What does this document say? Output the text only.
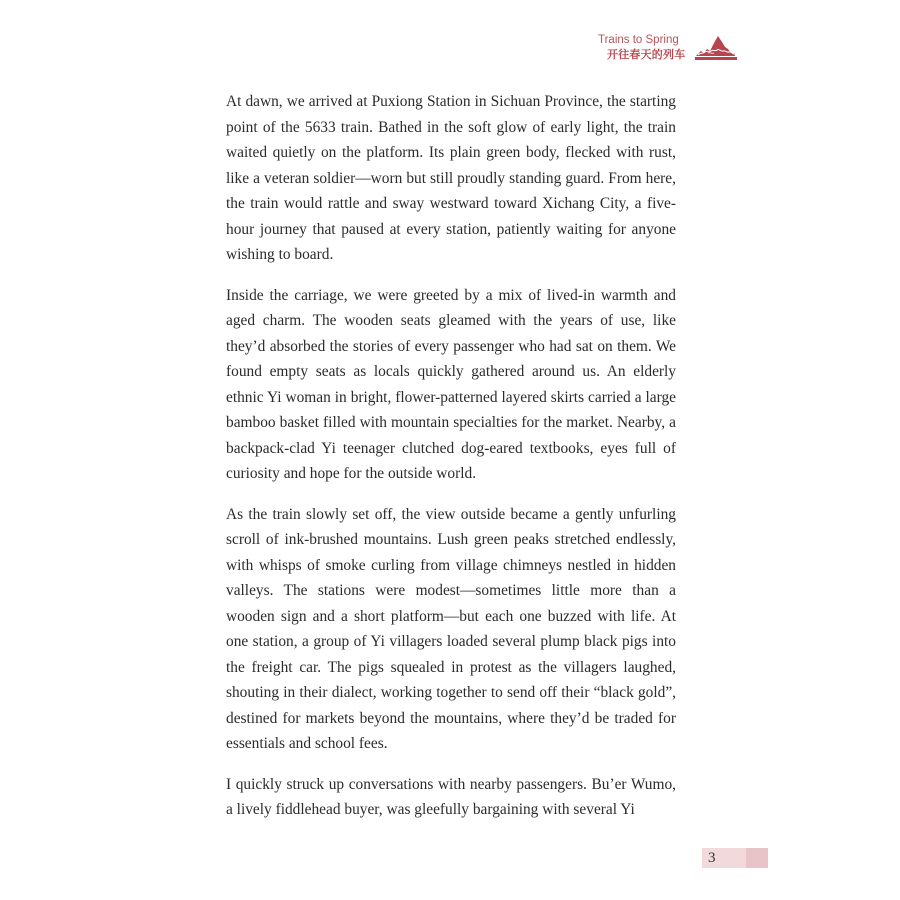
Trains to Spring
开往春天的列车

At dawn, we arrived at Puxiong Station in Sichuan Province, the starting point of the 5633 train. Bathed in the soft glow of early light, the train waited quietly on the platform. Its plain green body, flecked with rust, like a veteran soldier—worn but still proudly standing guard. From here, the train would rattle and sway westward toward Xichang City, a five-hour journey that paused at every station, patiently waiting for anyone wishing to board.

Inside the carriage, we were greeted by a mix of lived-in warmth and aged charm. The wooden seats gleamed with the years of use, like they’d absorbed the stories of every passenger who had sat on them. We found empty seats as locals quickly gathered around us. An elderly ethnic Yi woman in bright, flower-patterned layered skirts carried a large bamboo basket filled with mountain specialties for the market. Nearby, a backpack-clad Yi teenager clutched dog-eared textbooks, eyes full of curiosity and hope for the outside world.

As the train slowly set off, the view outside became a gently unfurling scroll of ink-brushed mountains. Lush green peaks stretched endlessly, with whisps of smoke curling from village chimneys nestled in hidden valleys. The stations were modest—sometimes little more than a wooden sign and a short platform—but each one buzzed with life. At one station, a group of Yi villagers loaded several plump black pigs into the freight car. The pigs squealed in protest as the villagers laughed, shouting in their dialect, working together to send off their “black gold”, destined for markets beyond the mountains, where they’d be traded for essentials and school fees.

I quickly struck up conversations with nearby passengers. Bu’er Wumo, a lively fiddlehead buyer, was gleefully bargaining with several Yi

3
